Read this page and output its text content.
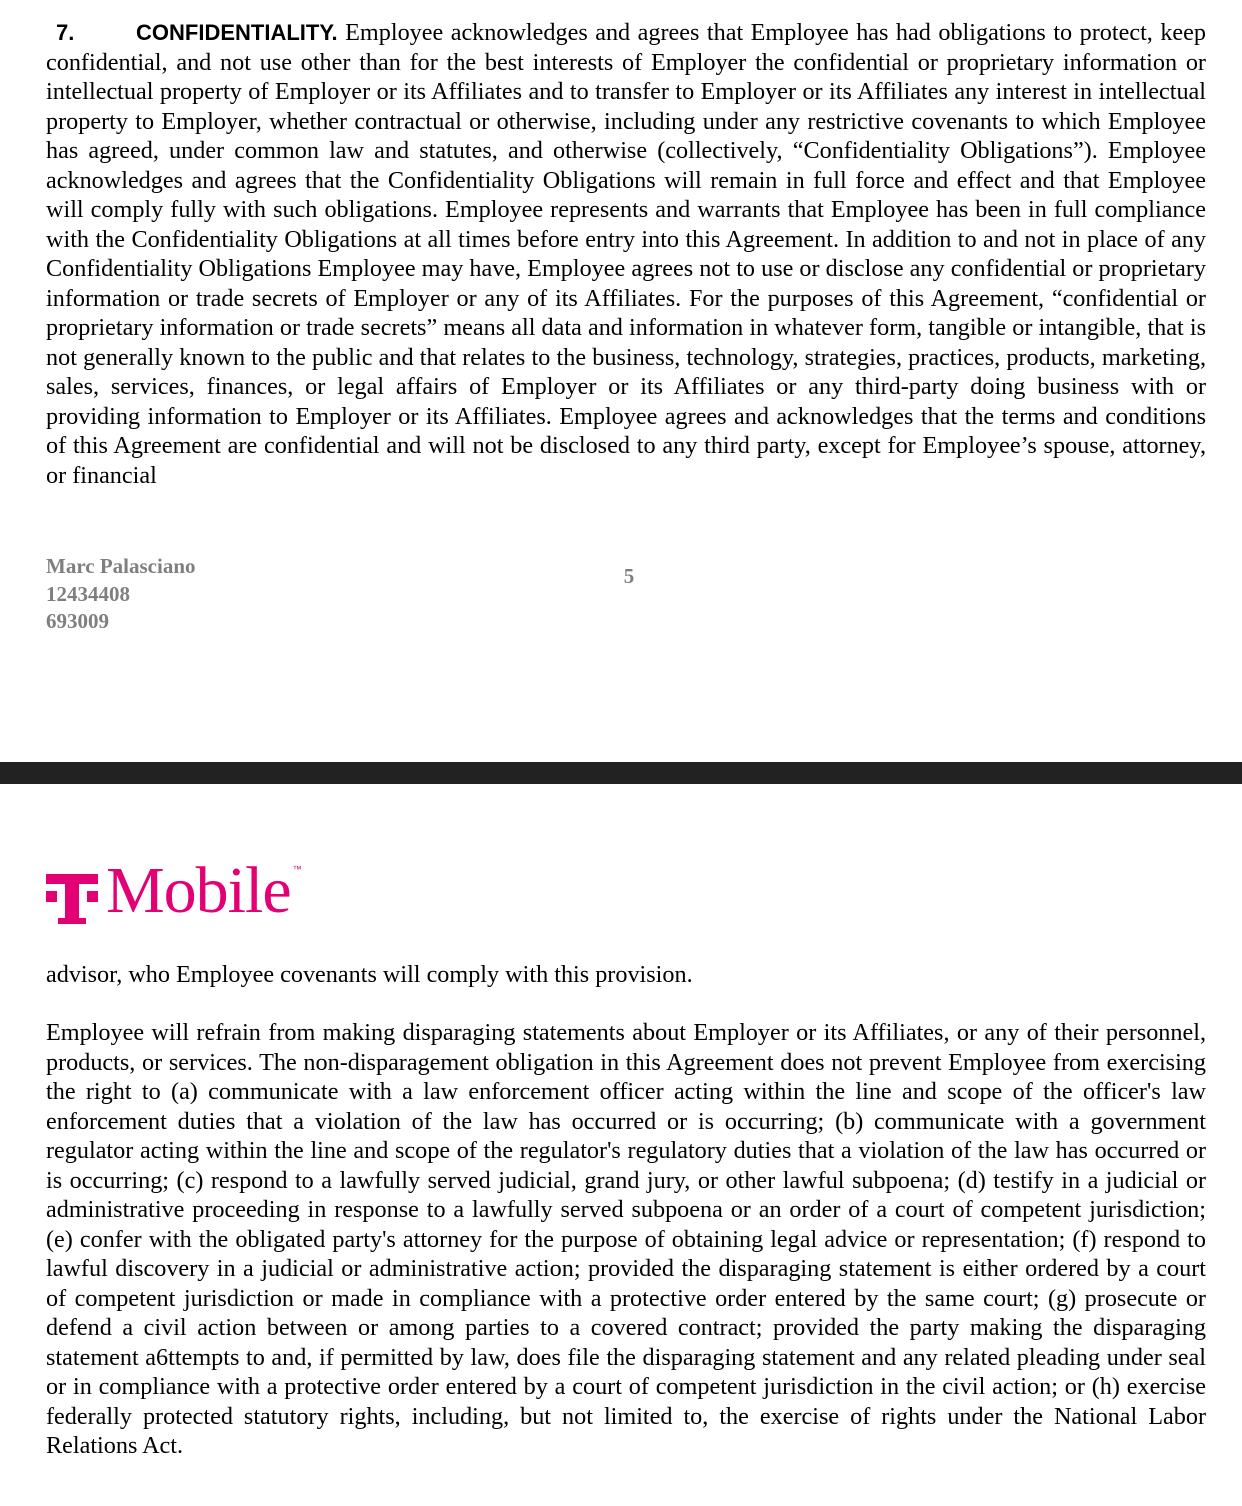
7.	CONFIDENTIALITY. Employee acknowledges and agrees that Employee has had obligations to protect, keep confidential, and not use other than for the best interests of Employer the confidential or proprietary information or intellectual property of Employer or its Affiliates and to transfer to Employer or its Affiliates any interest in intellectual property to Employer, whether contractual or otherwise, including under any restrictive covenants to which Employee has agreed, under common law and statutes, and otherwise (collectively, “Confidentiality Obligations”). Employee acknowledges and agrees that the Confidentiality Obligations will remain in full force and effect and that Employee will comply fully with such obligations. Employee represents and warrants that Employee has been in full compliance with the Confidentiality Obligations at all times before entry into this Agreement. In addition to and not in place of any Confidentiality Obligations Employee may have, Employee agrees not to use or disclose any confidential or proprietary information or trade secrets of Employer or any of its Affiliates. For the purposes of this Agreement, “confidential or proprietary information or trade secrets” means all data and information in whatever form, tangible or intangible, that is not generally known to the public and that relates to the business, technology, strategies, practices, products, marketing, sales, services, finances, or legal affairs of Employer or its Affiliates or any third-party doing business with or providing information to Employer or its Affiliates. Employee agrees and acknowledges that the terms and conditions of this Agreement are confidential and will not be disclosed to any third party, except for Employee’s spouse, attorney, or financial

Marc Palasciano
12434408
693009
5
Mobile ™

advisor, who Employee covenants will comply with this provision.

Employee will refrain from making disparaging statements about Employer or its Affiliates, or any of their personnel, products, or services. The non-disparagement obligation in this Agreement does not prevent Employee from exercising the right to (a) communicate with a law enforcement officer acting within the line and scope of the officer's law enforcement duties that a violation of the law has occurred or is occurring; (b) communicate with a government regulator acting within the line and scope of the regulator's regulatory duties that a violation of the law has occurred or is occurring; (c) respond to a lawfully served judicial, grand jury, or other lawful subpoena; (d) testify in a judicial or administrative proceeding in response to a lawfully served subpoena or an order of a court of competent jurisdiction; (e) confer with the obligated party's attorney for the purpose of obtaining legal advice or representation; (f) respond to lawful discovery in a judicial or administrative action; provided the disparaging statement is either ordered by a court of competent jurisdiction or made in compliance with a protective order entered by the same court; (g) prosecute or defend a civil action between or among parties to a covered contract; provided the party making the disparaging statement a6ttempts to and, if permitted by law, does file the disparaging statement and any related pleading under seal or in compliance with a protective order entered by a court of competent jurisdiction in the civil action; or (h) exercise federally protected statutory rights, including, but not limited to, the exercise of rights under the National Labor Relations Act.
